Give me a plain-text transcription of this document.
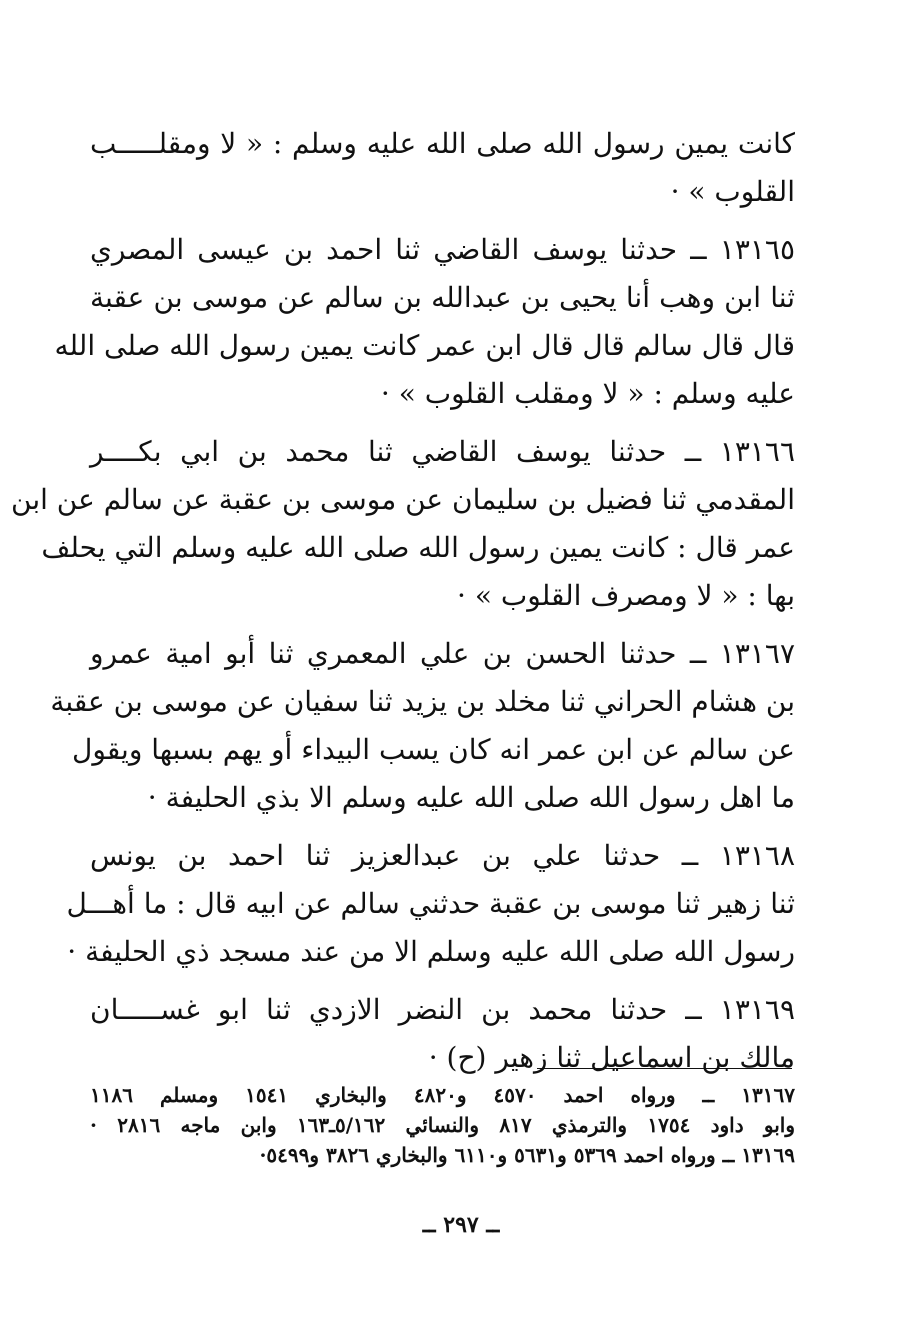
كانت يمين رسول الله صلى الله عليه وسلم : « لا ومقلـــــب
القلوب » ·
١٣١٦٥ ــ حدثنا يوسف القاضي ثنا احمد بن عيسى المصري
ثنا ابن وهب أنا يحيى بن عبدالله بن سالم عن موسى بن عقبة
قال قال سالم قال قال ابن عمر كانت يمين رسول الله صلى الله
عليه وسلم : « لا ومقلب القلوب » ·
١٣١٦٦ ــ حدثنا يوسف القاضي ثنا محمد بن ابي بكــــر
المقدمي ثنا فضيل بن سليمان عن موسى بن عقبة عن سالم عن ابن
عمر قال : كانت يمين رسول الله صلى الله عليه وسلم التي يحلف
بها : « لا ومصرف القلوب » ·
١٣١٦٧ ــ حدثنا الحسن بن علي المعمري ثنا أبو امية عمرو
بن هشام الحراني ثنا مخلد بن يزيد ثنا سفيان عن موسى بن عقبة
عن سالم عن ابن عمر انه كان يسب البيداء أو يهم بسبها ويقول
ما اهل رسول الله صلى الله عليه وسلم الا بذي الحليفة ·
١٣١٦٨ ــ حدثنا علي بن عبدالعزيز ثنا احمد بن يونس
ثنا زهير ثنا موسى بن عقبة حدثني سالم عن ابيه قال : ما أهـــل
رسول الله صلى الله عليه وسلم الا من عند مسجد ذي الحليفة ·
١٣١٦٩ ــ حدثنا محمد بن النضر الازدي ثنا ابو غســـــان
مالك بن اسماعيل ثنا زهير (ح) ·
١٣١٦٧ ــ ورواه احمد ٤٥٧٠ و٤٨٢٠ والبخاري ١٥٤١ ومسلم ١١٨٦
وابو داود ١٧٥٤ والترمذي ٨١٧ والنسائي ٥/١٦٢ـ١٦٣ وابن ماجه ٢٨١٦ ·
١٣١٦٩ ــ ورواه احمد ٥٣٦٩ و٥٦٣١ و٦١١٠ والبخاري ٣٨٢٦ و٥٤٩٩·
ــ ٢٩٧ ــ
